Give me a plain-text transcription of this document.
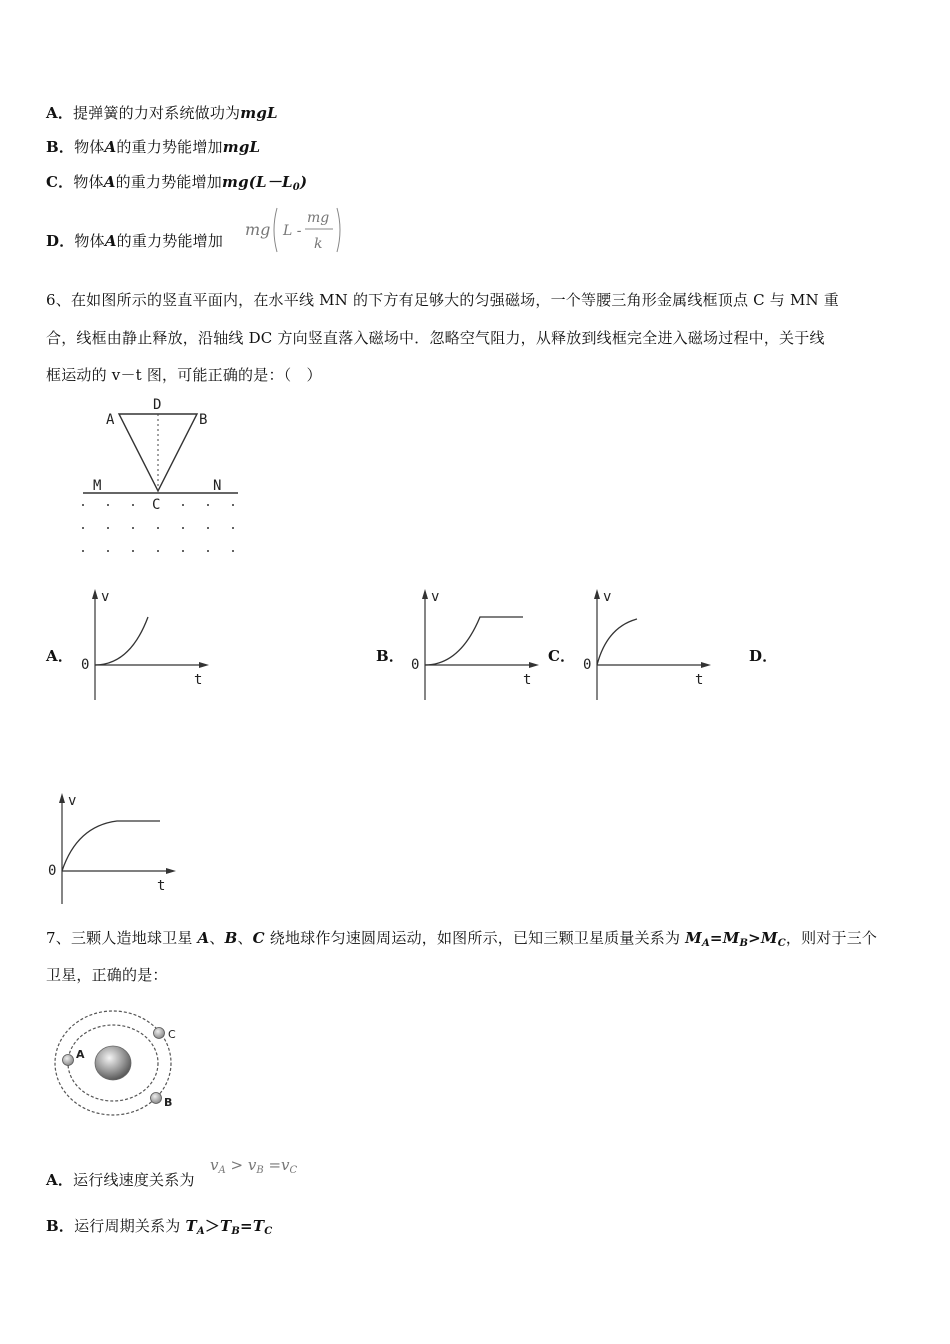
A．提弹簧的力对系统做功为mgL
B．物体A的重力势能增加mgL
C．物体A的重力势能增加$mg(L-L_0)$
D．物体A的重力势能增加
mg L -
mg
k
6、在如图所示的竖直平面内，在水平线 MN 的下方有足够大的匀强磁场，一个等腰三角形金属线框顶点 C 与 MN 重
合，线框由静止释放，沿轴线 DC 方向竖直落入磁场中．忽略空气阻力，从释放到线框完全进入磁场过程中，关于线
框运动的 v－t 图，可能正确的是：（　）
A
D
B
M	N
C
A．	B．	C．	D．
v
0
t
v
0
t
v
0
t
v
0
t
7、三颗人造地球卫星 A、B、C 绕地球作匀速圆周运动，如图所示，已知三颗卫星质量关系为 $M_A=M_B>M_C$，则对于三个
卫星，正确的是：
A
C
B
A．运行线速度关系为
$v_A > v_B =v_C$
B．运行周期关系为 $T_A>T_B=T_C$
